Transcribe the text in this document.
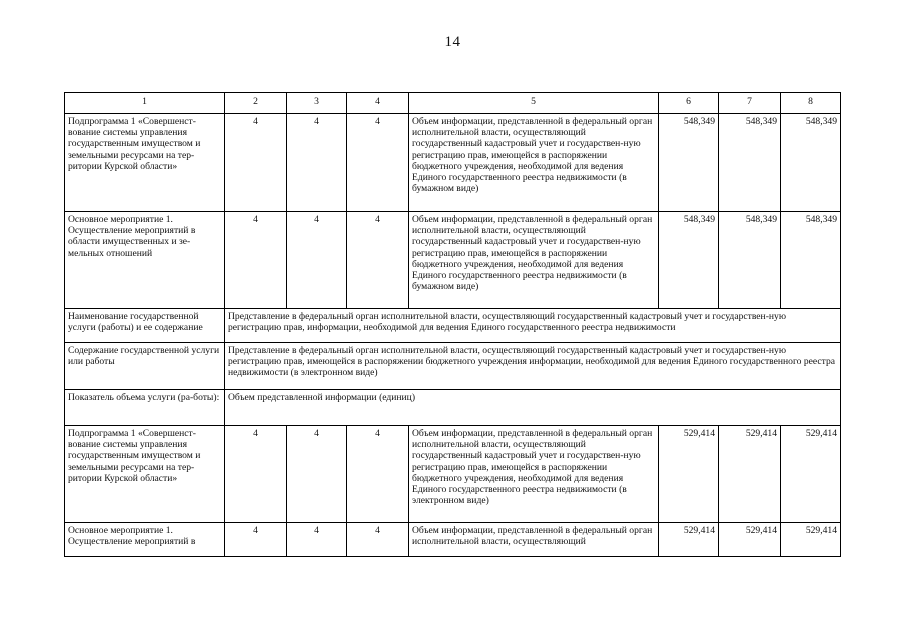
14
1	2	3	4	5	6	7	8
Подпрограмма 1 «Совершенст-вование системы управления государственным имуществом и земельными ресурсами на тер-ритории Курской области»	4	4	4	Объем информации, представленной в федеральный орган исполнительной власти, осуществляющий государственный кадастровый учет и государствен-ную регистрацию прав, имеющейся в распоряжении бюджетного учреждения, необходимой для ведения Единого государственного реестра недвижимости (в бумажном виде)	548,349	548,349	548,349
Основное мероприятие 1. Осуществление мероприятий в области имущественных и зе-мельных отношений	4	4	4	Объем информации, представленной в федеральный орган исполнительной власти, осуществляющий государственный кадастровый учет и государствен-ную регистрацию прав, имеющейся в распоряжении бюджетного учреждения, необходимой для ведения Единого государственного реестра недвижимости (в бумажном виде)	548,349	548,349	548,349
Наименование государственной услуги (работы) и ее содержание	Представление в федеральный орган исполнительной власти, осуществляющий государственный кадастровый учет и государствен-ную регистрацию прав, информации, необходимой для ведения Единого государственного реестра недвижимости						
Содержание государственной услуги или работы	Представление в федеральный орган исполнительной власти, осуществляющий государственный кадастровый учет и государствен-ную регистрацию прав, имеющейся в распоряжении бюджетного учреждения информации, необходимой для ведения Единого государственного реестра недвижимости (в электронном виде)						
Показатель объема услуги (ра-боты):	Объем представленной информации (единиц)						
Подпрограмма 1 «Совершенст-вование системы управления государственным имуществом и земельными ресурсами на тер-ритории Курской области»	4	4	4	Объем информации, представленной в федеральный орган исполнительной власти, осуществляющий государственный кадастровый учет и государствен-ную регистрацию прав, имеющейся в распоряжении бюджетного учреждения, необходимой для ведения Единого государственного реестра недвижимости (в электронном виде)	529,414	529,414	529,414
Основное мероприятие 1. Осуществление мероприятий в	4	4	4	Объем информации, представленной в федеральный орган исполнительной власти, осуществляющий	529,414	529,414	529,414
